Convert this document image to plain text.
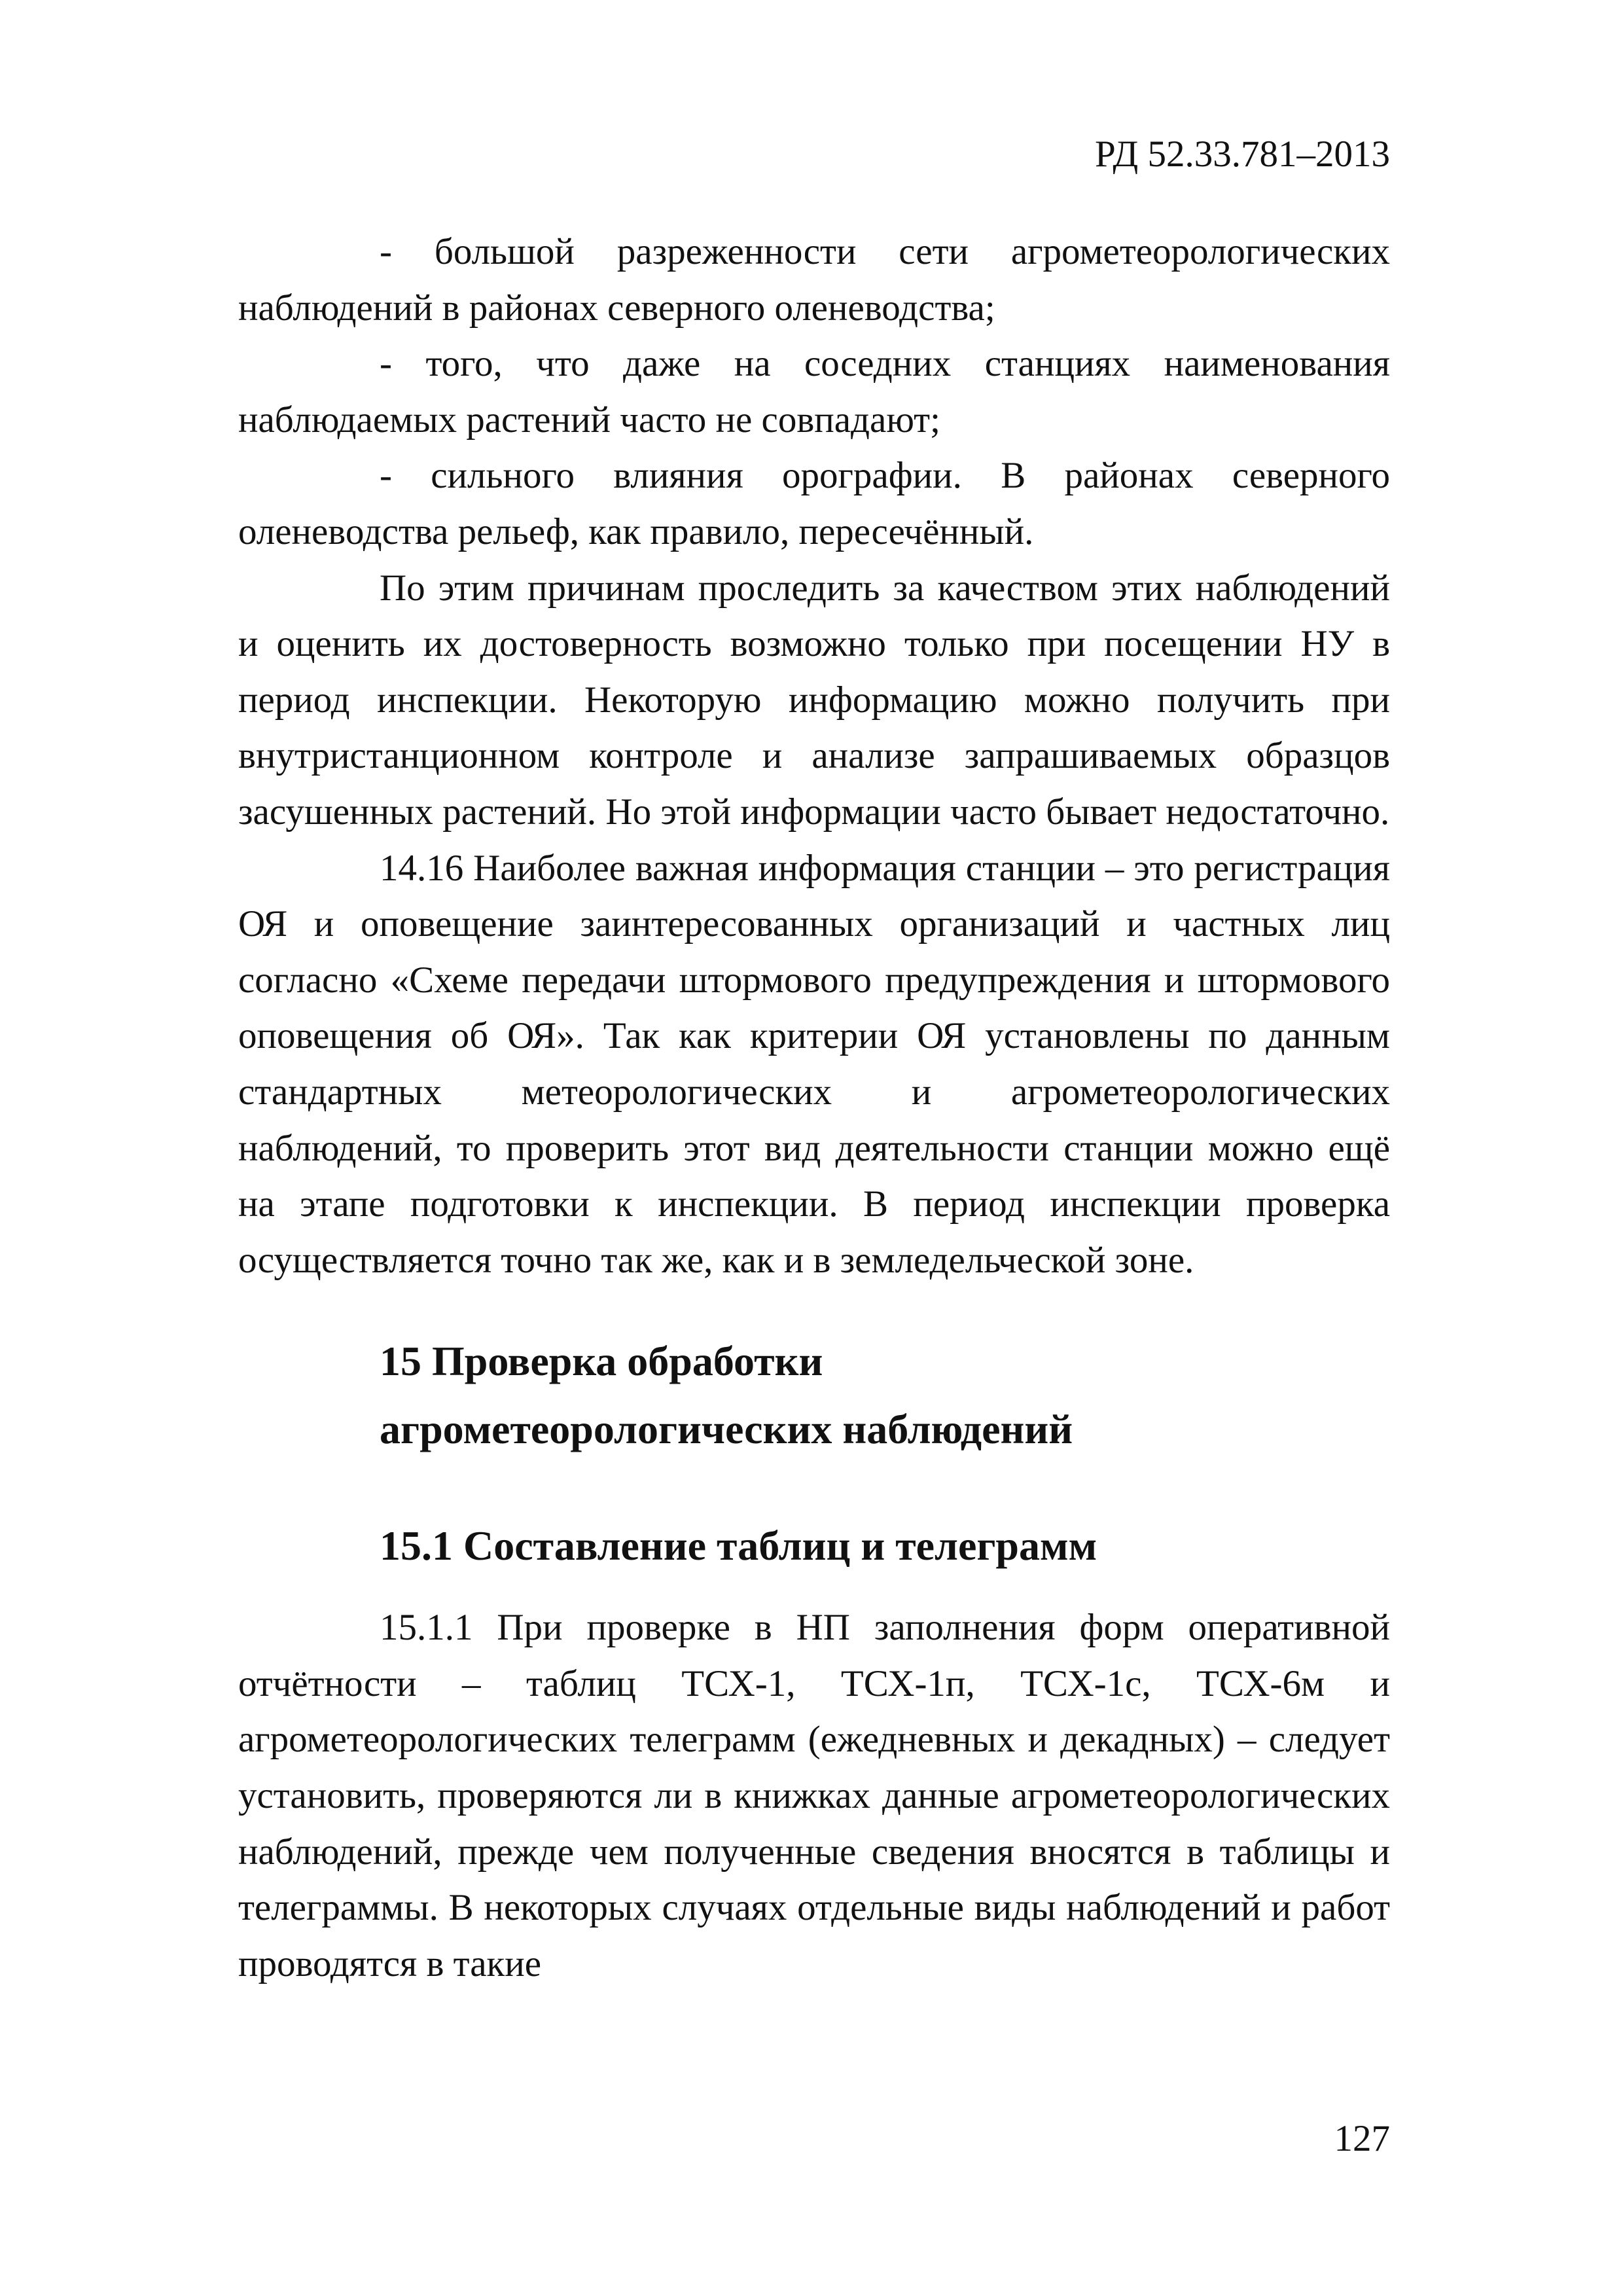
РД 52.33.781–2013

- большой разреженности сети агрометеорологических наблюдений в районах северного оленеводства;

- того, что даже на соседних станциях наименования наблюдаемых растений часто не совпадают;

- сильного влияния орографии. В районах северного оленеводства рельеф, как правило, пересечённый.

По этим причинам проследить за качеством этих наблюдений и оценить их достоверность возможно только при посещении НУ в период инспекции. Некоторую информацию можно получить при внутристанционном контроле и анализе запрашиваемых образцов засушенных растений. Но этой информации часто бывает недостаточно.

14.16 Наиболее важная информация станции – это регистрация ОЯ и оповещение заинтересованных организаций и частных лиц согласно «Схеме передачи штормового предупреждения и штормового оповещения об ОЯ». Так как критерии ОЯ установлены по данным стандартных метеорологических и агрометеорологических наблюдений, то проверить этот вид деятельности станции можно ещё на этапе подготовки к инспекции. В период инспекции проверка осуществляется точно так же, как и в земледельческой зоне.

15 Проверка обработки агрометеорологических наблюдений
15.1 Составление таблиц и телеграмм

15.1.1 При проверке в НП заполнения форм оперативной отчётности – таблиц ТСХ-1, ТСХ-1п, ТСХ-1с, ТСХ-6м и агрометеорологических телеграмм (ежедневных и декадных) – следует установить, проверяются ли в книжках данные агрометеорологических наблюдений, прежде чем полученные сведения вносятся в таблицы и телеграммы. В некоторых случаях отдельные виды наблюдений и работ проводятся в такие

127
